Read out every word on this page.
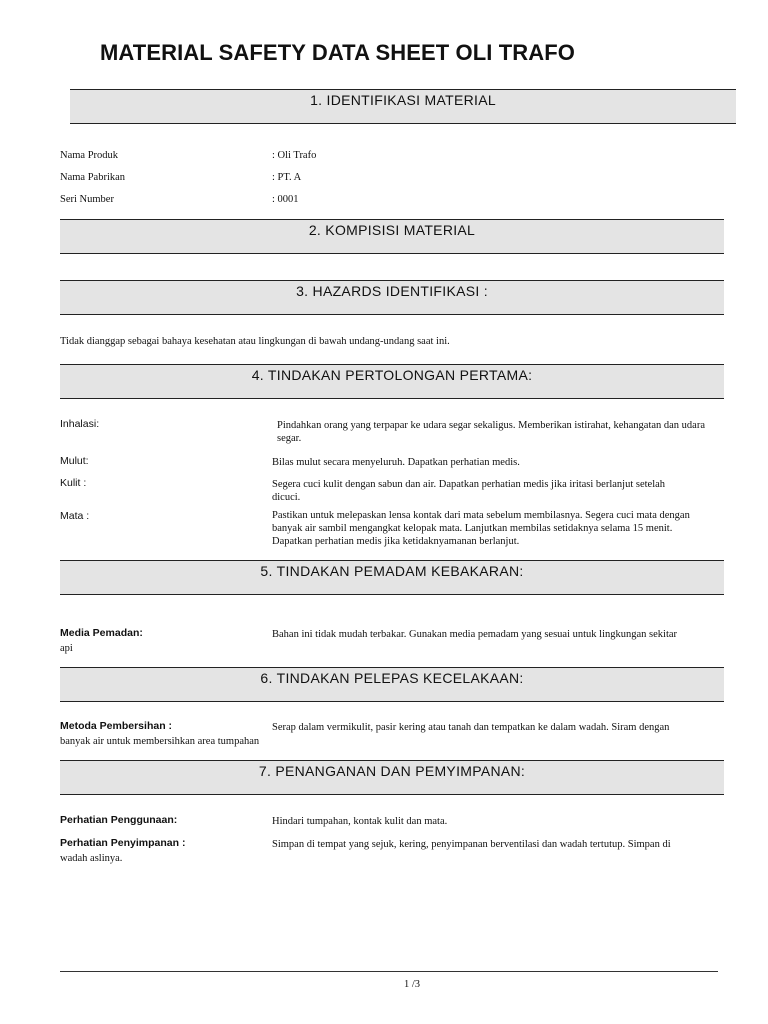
MATERIAL SAFETY DATA SHEET OLI TRAFO
1. IDENTIFIKASI MATERIAL
Nama Produk	: Oli Trafo
Nama Pabrikan	: PT. A
Seri Number	: 0001
2. KOMPISISI MATERIAL
3. HAZARDS IDENTIFIKASI :
Tidak dianggap sebagai bahaya kesehatan atau lingkungan di bawah undang-undang saat ini.
4. TINDAKAN PERTOLONGAN PERTAMA:
Inhalasi:	Pindahkan orang yang terpapar ke udara segar sekaligus. Memberikan istirahat, kehangatan dan udara segar.
Mulut:	Bilas mulut secara menyeluruh. Dapatkan perhatian medis.
Kulit :	Segera cuci kulit dengan sabun dan air. Dapatkan perhatian medis jika iritasi berlanjut setelah dicuci.
Mata :	Pastikan untuk melepaskan lensa kontak dari mata sebelum membilasnya. Segera cuci mata dengan banyak air sambil mengangkat kelopak mata. Lanjutkan membilas setidaknya selama 15 menit. Dapatkan perhatian medis jika ketidaknyamanan berlanjut.
5. TINDAKAN PEMADAM KEBAKARAN:
Media Pemadan:	Bahan ini tidak mudah terbakar. Gunakan media pemadam yang sesuai untuk lingkungan sekitar
api
6. TINDAKAN PELEPAS KECELAKAAN:
Metoda Pembersihan :	Serap dalam vermikulit, pasir kering atau tanah dan tempatkan ke dalam wadah. Siram dengan
banyak air untuk membersihkan area tumpahan
7. PENANGANAN DAN PEMYIMPANAN:
Perhatian Penggunaan:	Hindari tumpahan, kontak kulit dan mata.
Perhatian Penyimpanan :	Simpan di tempat yang sejuk, kering, penyimpanan berventilasi dan wadah tertutup. Simpan di
wadah aslinya.
1 /3
